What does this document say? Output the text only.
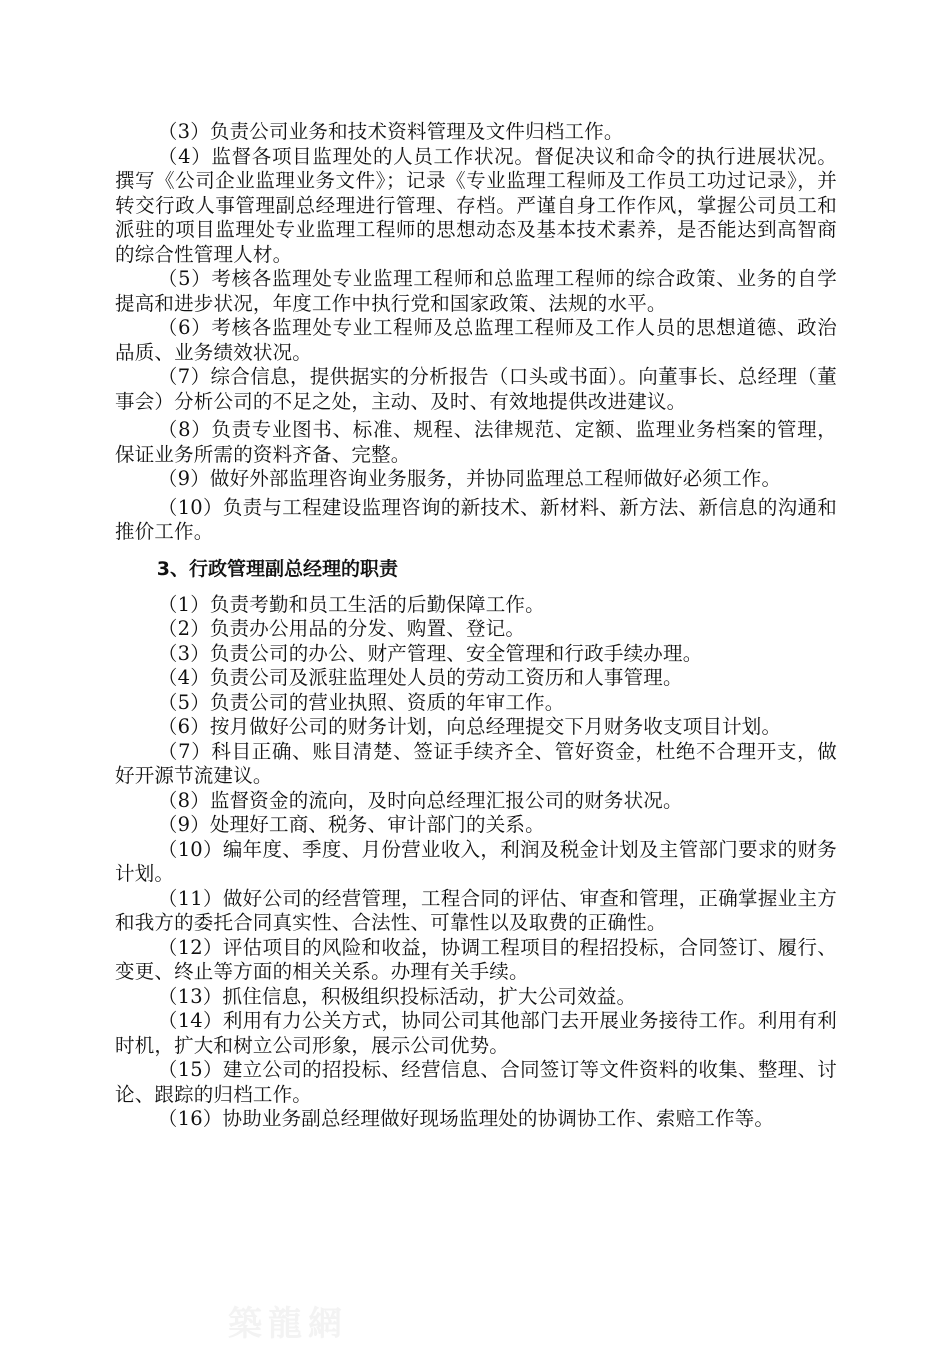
（3）负责公司业务和技术资料管理及文件归档工作。

（4）监督各项目监理处的人员工作状况。督促决议和命令的执行进展状况。撰写《公司企业监理业务文件》；记录《专业监理工程师及工作员工功过记录》，并转交行政人事管理副总经理进行管理、存档。严谨自身工作作风，掌握公司员工和派驻的项目监理处专业监理工程师的思想动态及基本技术素养，是否能达到高智商的综合性管理人材。

（5）考核各监理处专业监理工程师和总监理工程师的综合政策、业务的自学提高和进步状况，年度工作中执行党和国家政策、法规的水平。

（6）考核各监理处专业工程师及总监理工程师及工作人员的思想道德、政治品质、业务绩效状况。

（7）综合信息，提供据实的分析报告（口头或书面）。向董事长、总经理（董事会）分析公司的不足之处，主动、及时、有效地提供改进建议。

（8）负责专业图书、标准、规程、法律规范、定额、监理业务档案的管理，保证业务所需的资料齐备、完整。

（9）做好外部监理咨询业务服务，并协同监理总工程师做好必须工作。

（10）负责与工程建设监理咨询的新技术、新材料、新方法、新信息的沟通和推价工作。

3、行政管理副总经理的职责

（1）负责考勤和员工生活的后勤保障工作。

（2）负责办公用品的分发、购置、登记。

（3）负责公司的办公、财产管理、安全管理和行政手续办理。

（4）负责公司及派驻监理处人员的劳动工资历和人事管理。

（5）负责公司的营业执照、资质的年审工作。

（6）按月做好公司的财务计划，向总经理提交下月财务收支项目计划。

（7）科目正确、账目清楚、签证手续齐全、管好资金，杜绝不合理开支，做好开源节流建议。

（8）监督资金的流向，及时向总经理汇报公司的财务状况。

（9）处理好工商、税务、审计部门的关系。

（10）编年度、季度、月份营业收入，利润及税金计划及主管部门要求的财务计划。

（11）做好公司的经营管理，工程合同的评估、审查和管理，正确掌握业主方和我方的委托合同真实性、合法性、可靠性以及取费的正确性。

（12）评估项目的风险和收益，协调工程项目的程招投标，合同签订、履行、变更、终止等方面的相关关系。办理有关手续。

（13）抓住信息，积极组织投标活动，扩大公司效益。

（14）利用有力公关方式，协同公司其他部门去开展业务接待工作。利用有利时机，扩大和树立公司形象，展示公司优势。

（15）建立公司的招投标、经营信息、合同签订等文件资料的收集、整理、讨论、跟踪的归档工作。

（16）协助业务副总经理做好现场监理处的协调协工作、索赔工作等。

築龍網
